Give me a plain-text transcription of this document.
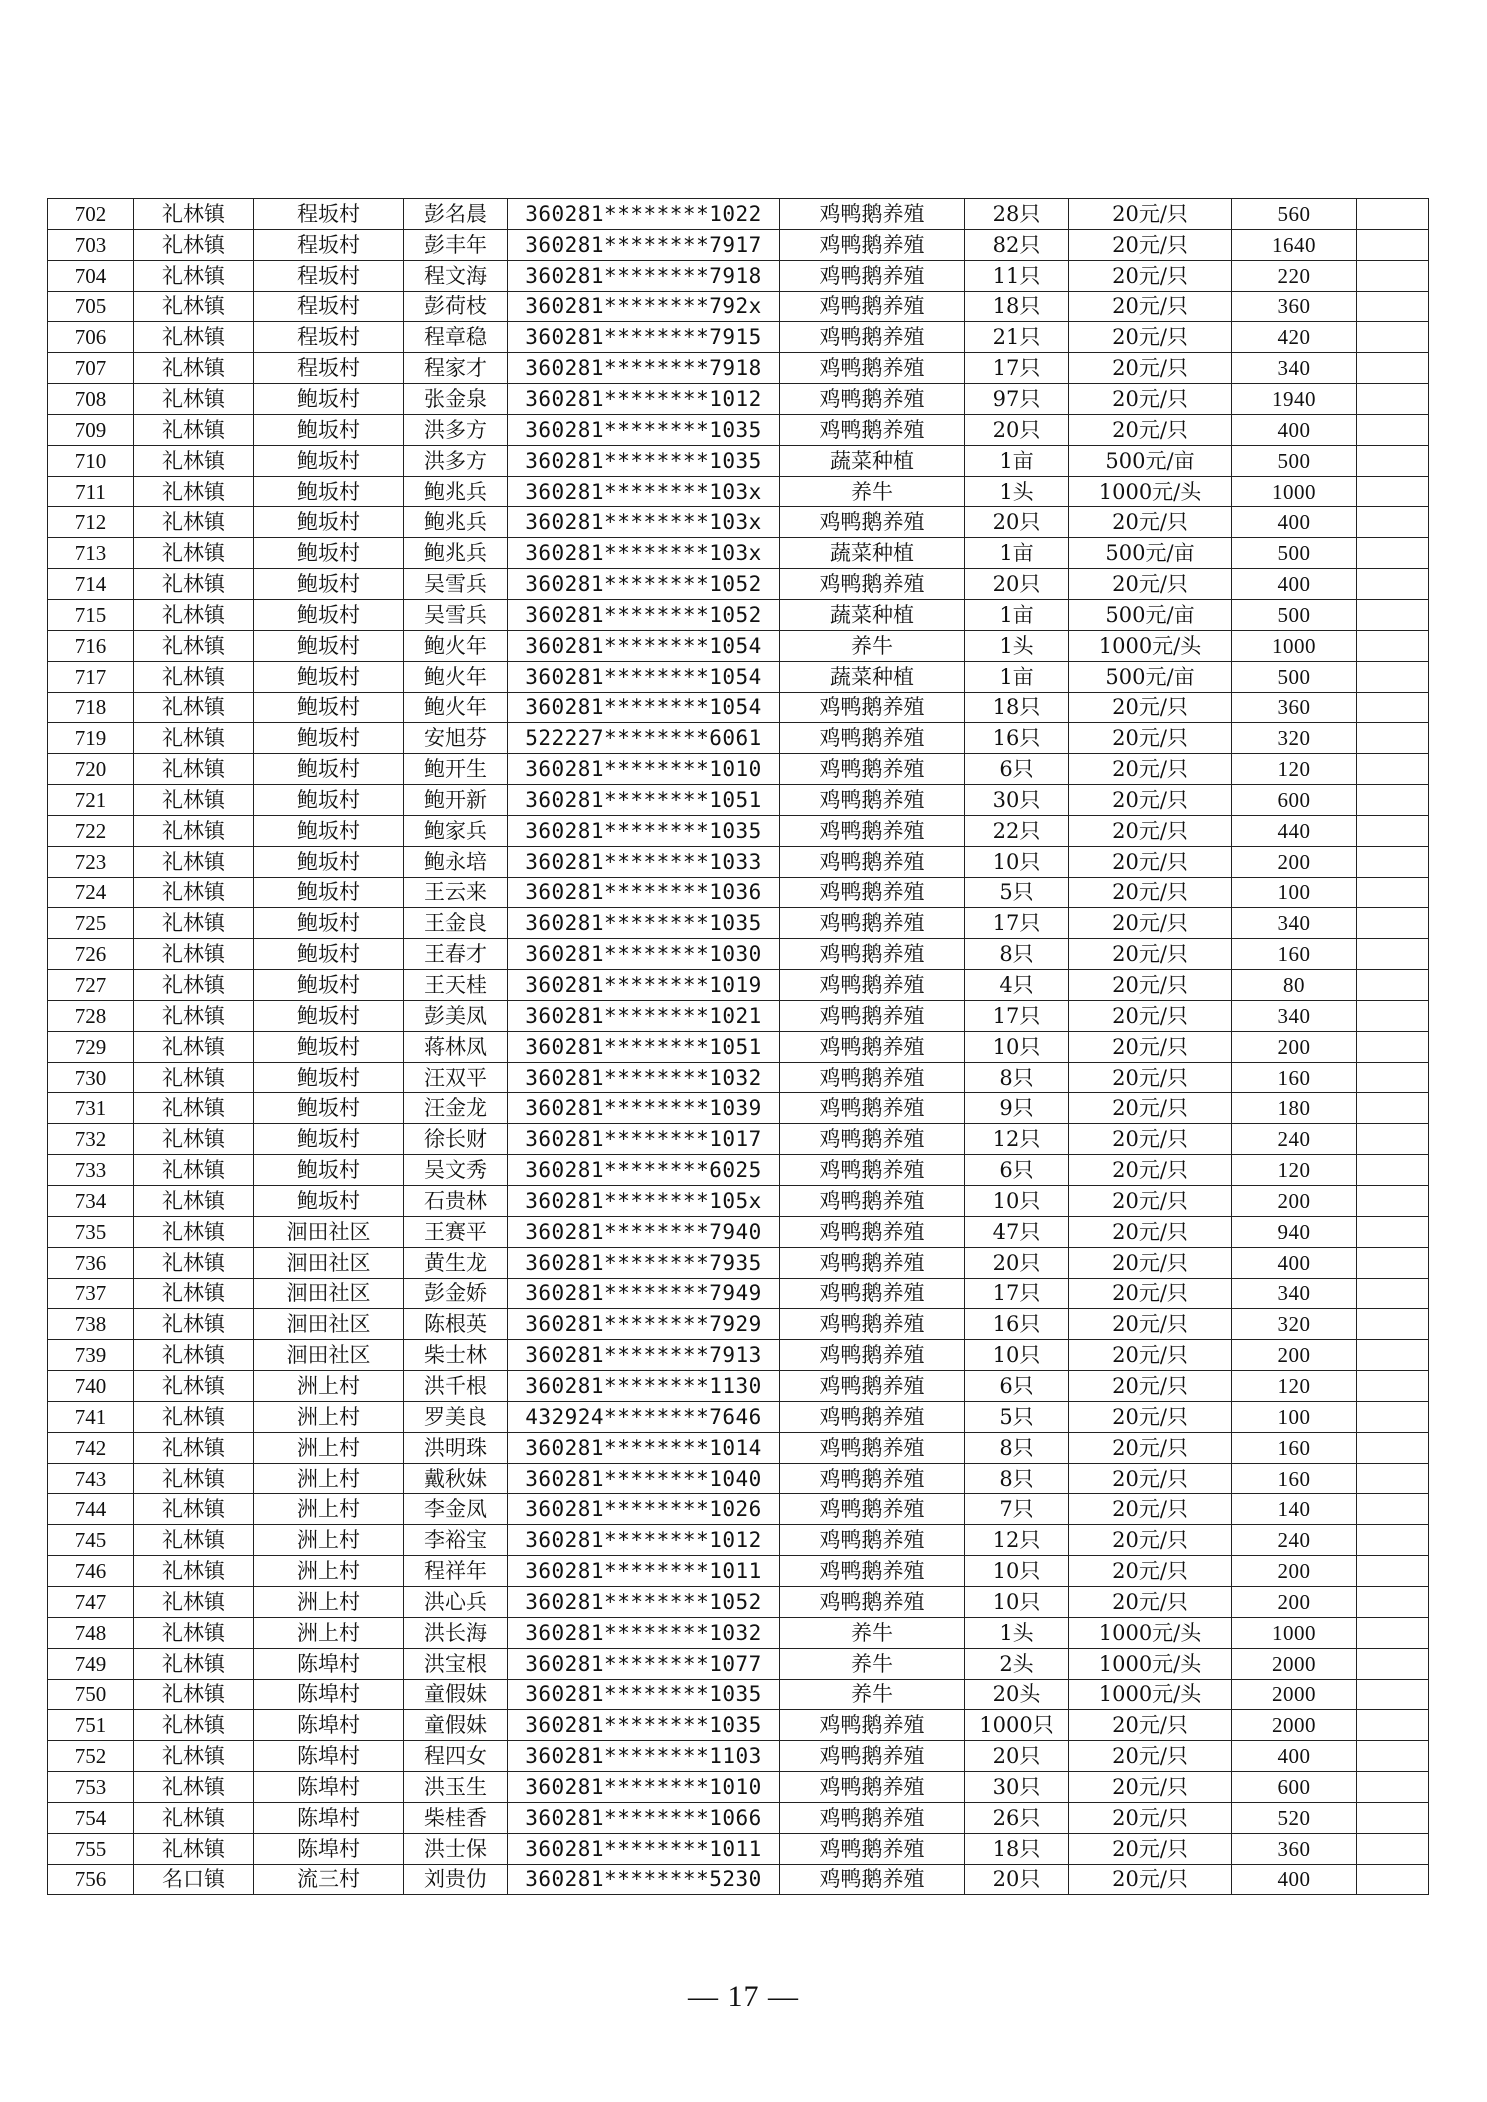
702	礼林镇	程坂村	彭名晨	360281********1022	鸡鸭鹅养殖	28只	20元/只	560	
703	礼林镇	程坂村	彭丰年	360281********7917	鸡鸭鹅养殖	82只	20元/只	1640	
704	礼林镇	程坂村	程文海	360281********7918	鸡鸭鹅养殖	11只	20元/只	220	
705	礼林镇	程坂村	彭荷枝	360281********792x	鸡鸭鹅养殖	18只	20元/只	360	
706	礼林镇	程坂村	程章稳	360281********7915	鸡鸭鹅养殖	21只	20元/只	420	
707	礼林镇	程坂村	程家才	360281********7918	鸡鸭鹅养殖	17只	20元/只	340	
708	礼林镇	鲍坂村	张金泉	360281********1012	鸡鸭鹅养殖	97只	20元/只	1940	
709	礼林镇	鲍坂村	洪多方	360281********1035	鸡鸭鹅养殖	20只	20元/只	400	
710	礼林镇	鲍坂村	洪多方	360281********1035	蔬菜种植	1亩	500元/亩	500	
711	礼林镇	鲍坂村	鲍兆兵	360281********103x	养牛	1头	1000元/头	1000	
712	礼林镇	鲍坂村	鲍兆兵	360281********103x	鸡鸭鹅养殖	20只	20元/只	400	
713	礼林镇	鲍坂村	鲍兆兵	360281********103x	蔬菜种植	1亩	500元/亩	500	
714	礼林镇	鲍坂村	吴雪兵	360281********1052	鸡鸭鹅养殖	20只	20元/只	400	
715	礼林镇	鲍坂村	吴雪兵	360281********1052	蔬菜种植	1亩	500元/亩	500	
716	礼林镇	鲍坂村	鲍火年	360281********1054	养牛	1头	1000元/头	1000	
717	礼林镇	鲍坂村	鲍火年	360281********1054	蔬菜种植	1亩	500元/亩	500	
718	礼林镇	鲍坂村	鲍火年	360281********1054	鸡鸭鹅养殖	18只	20元/只	360	
719	礼林镇	鲍坂村	安旭芬	522227********6061	鸡鸭鹅养殖	16只	20元/只	320	
720	礼林镇	鲍坂村	鲍开生	360281********1010	鸡鸭鹅养殖	6只	20元/只	120	
721	礼林镇	鲍坂村	鲍开新	360281********1051	鸡鸭鹅养殖	30只	20元/只	600	
722	礼林镇	鲍坂村	鲍家兵	360281********1035	鸡鸭鹅养殖	22只	20元/只	440	
723	礼林镇	鲍坂村	鲍永培	360281********1033	鸡鸭鹅养殖	10只	20元/只	200	
724	礼林镇	鲍坂村	王云来	360281********1036	鸡鸭鹅养殖	5只	20元/只	100	
725	礼林镇	鲍坂村	王金良	360281********1035	鸡鸭鹅养殖	17只	20元/只	340	
726	礼林镇	鲍坂村	王春才	360281********1030	鸡鸭鹅养殖	8只	20元/只	160	
727	礼林镇	鲍坂村	王天桂	360281********1019	鸡鸭鹅养殖	4只	20元/只	80	
728	礼林镇	鲍坂村	彭美凤	360281********1021	鸡鸭鹅养殖	17只	20元/只	340	
729	礼林镇	鲍坂村	蒋林凤	360281********1051	鸡鸭鹅养殖	10只	20元/只	200	
730	礼林镇	鲍坂村	汪双平	360281********1032	鸡鸭鹅养殖	8只	20元/只	160	
731	礼林镇	鲍坂村	汪金龙	360281********1039	鸡鸭鹅养殖	9只	20元/只	180	
732	礼林镇	鲍坂村	徐长财	360281********1017	鸡鸭鹅养殖	12只	20元/只	240	
733	礼林镇	鲍坂村	吴文秀	360281********6025	鸡鸭鹅养殖	6只	20元/只	120	
734	礼林镇	鲍坂村	石贵林	360281********105x	鸡鸭鹅养殖	10只	20元/只	200	
735	礼林镇	洄田社区	王赛平	360281********7940	鸡鸭鹅养殖	47只	20元/只	940	
736	礼林镇	洄田社区	黄生龙	360281********7935	鸡鸭鹅养殖	20只	20元/只	400	
737	礼林镇	洄田社区	彭金娇	360281********7949	鸡鸭鹅养殖	17只	20元/只	340	
738	礼林镇	洄田社区	陈根英	360281********7929	鸡鸭鹅养殖	16只	20元/只	320	
739	礼林镇	洄田社区	柴士林	360281********7913	鸡鸭鹅养殖	10只	20元/只	200	
740	礼林镇	洲上村	洪千根	360281********1130	鸡鸭鹅养殖	6只	20元/只	120	
741	礼林镇	洲上村	罗美良	432924********7646	鸡鸭鹅养殖	5只	20元/只	100	
742	礼林镇	洲上村	洪明珠	360281********1014	鸡鸭鹅养殖	8只	20元/只	160	
743	礼林镇	洲上村	戴秋妹	360281********1040	鸡鸭鹅养殖	8只	20元/只	160	
744	礼林镇	洲上村	李金凤	360281********1026	鸡鸭鹅养殖	7只	20元/只	140	
745	礼林镇	洲上村	李裕宝	360281********1012	鸡鸭鹅养殖	12只	20元/只	240	
746	礼林镇	洲上村	程祥年	360281********1011	鸡鸭鹅养殖	10只	20元/只	200	
747	礼林镇	洲上村	洪心兵	360281********1052	鸡鸭鹅养殖	10只	20元/只	200	
748	礼林镇	洲上村	洪长海	360281********1032	养牛	1头	1000元/头	1000	
749	礼林镇	陈埠村	洪宝根	360281********1077	养牛	2头	1000元/头	2000	
750	礼林镇	陈埠村	童假妹	360281********1035	养牛	20头	1000元/头	2000	
751	礼林镇	陈埠村	童假妹	360281********1035	鸡鸭鹅养殖	1000只	20元/只	2000	
752	礼林镇	陈埠村	程四女	360281********1103	鸡鸭鹅养殖	20只	20元/只	400	
753	礼林镇	陈埠村	洪玉生	360281********1010	鸡鸭鹅养殖	30只	20元/只	600	
754	礼林镇	陈埠村	柴桂香	360281********1066	鸡鸭鹅养殖	26只	20元/只	520	
755	礼林镇	陈埠村	洪士保	360281********1011	鸡鸭鹅养殖	18只	20元/只	360	
756	名口镇	流三村	刘贵仂	360281********5230	鸡鸭鹅养殖	20只	20元/只	400	
— 17 —
